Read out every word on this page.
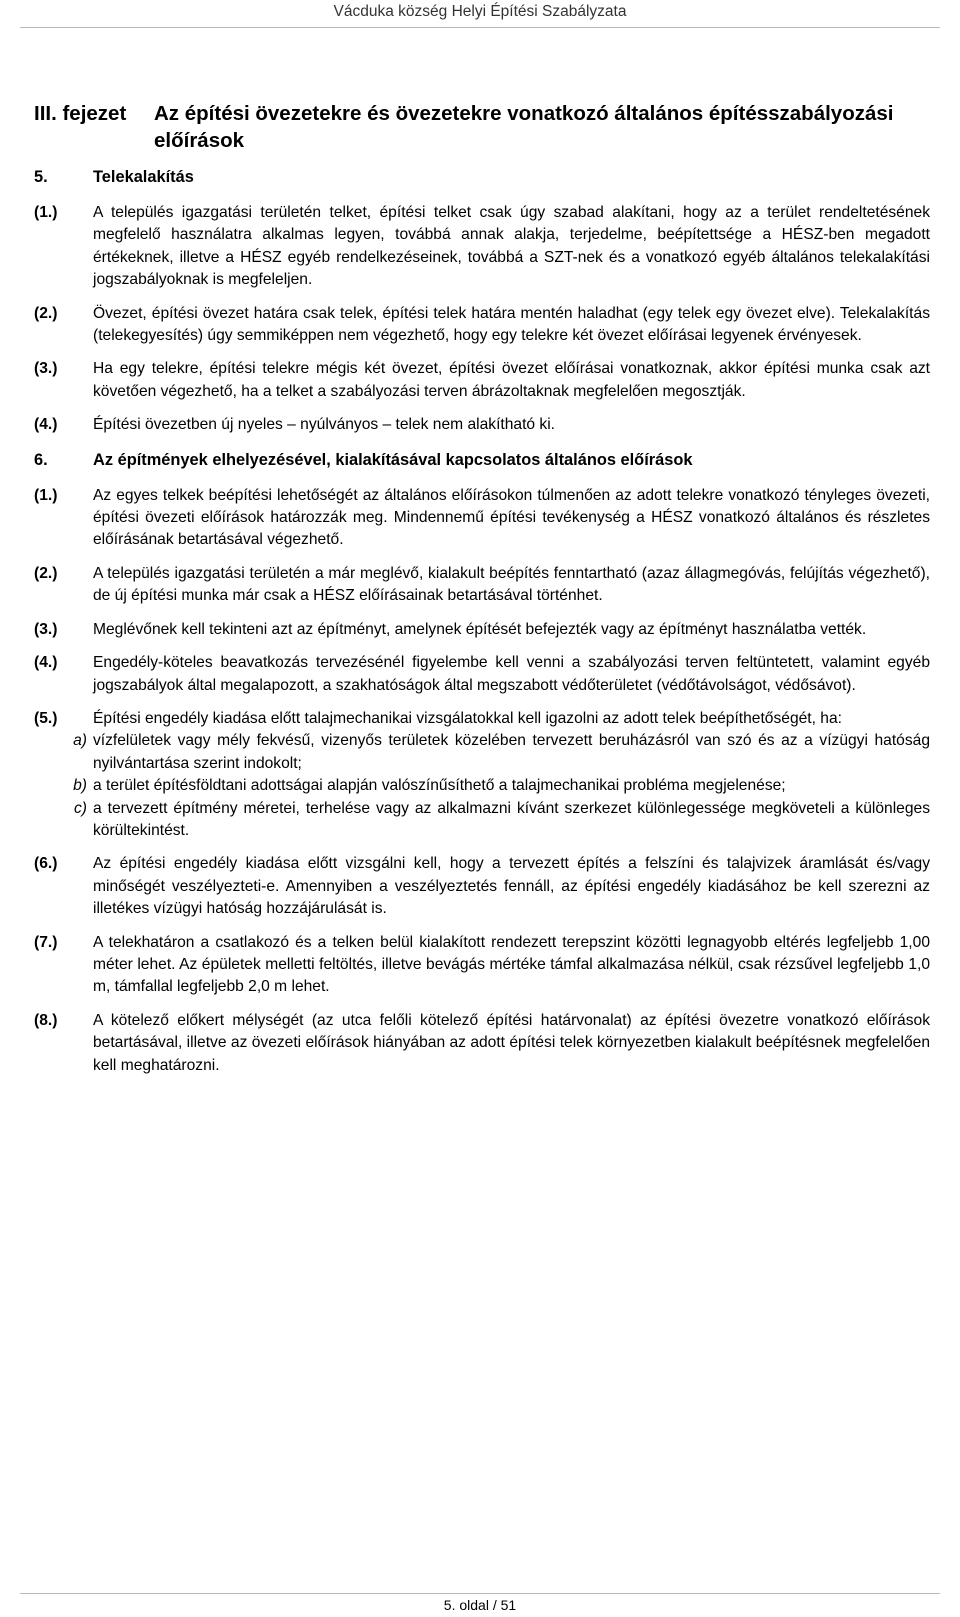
Vácduka község Helyi Építési Szabályzata
III. fejezet	Az építési övezetekre és övezetekre vonatkozó általános építésszabályozási előírások
5.	Telekalakítás
(1.)	A település igazgatási területén telket, építési telket csak úgy szabad alakítani, hogy az a terület rendeltetésének megfelelő használatra alkalmas legyen, továbbá annak alakja, terjedelme, beépítettsége a HÉSZ-ben megadott értékeknek, illetve a HÉSZ egyéb rendelkezéseinek, továbbá a SZT-nek és a vonatkozó egyéb általános telekalakítási jogszabályoknak is megfeleljen.
(2.)	Övezet, építési övezet határa csak telek, építési telek határa mentén haladhat (egy telek egy övezet elve). Telekalakítás (telekegyesítés) úgy semmiképpen nem végezhető, hogy egy telekre két övezet előírásai legyenek érvényesek.
(3.)	Ha egy telekre, építési telekre mégis két övezet, építési övezet előírásai vonatkoznak, akkor építési munka csak azt követően végezhető, ha a telket a szabályozási terven ábrázoltaknak megfelelően megosztják.
(4.)	Építési övezetben új nyeles – nyúlványos – telek nem alakítható ki.
6.	Az építmények elhelyezésével, kialakításával kapcsolatos általános előírások
(1.)	Az egyes telkek beépítési lehetőségét az általános előírásokon túlmenően az adott telekre vonatkozó tényleges övezeti, építési övezeti előírások határozzák meg. Mindennemű építési tevékenység a HÉSZ vonatkozó általános és részletes előírásának betartásával végezhető.
(2.)	A település igazgatási területén a már meglévő, kialakult beépítés fenntartható (azaz állagmegóvás, felújítás végezhető), de új építési munka már csak a HÉSZ előírásainak betartásával történhet.
(3.)	Meglévőnek kell tekinteni azt az építményt, amelynek építését befejezték vagy az építményt használatba vették.
(4.)	Engedély-köteles beavatkozás tervezésénél figyelembe kell venni a szabályozási terven feltüntetett, valamint egyéb jogszabályok által megalapozott, a szakhatóságok által megszabott védőterületet (védőtávolságot, védősávot).
(5.)	Építési engedély kiadása előtt talajmechanikai vizsgálatokkal kell igazolni az adott telek beépíthetőségét, ha:
a) vízfelületek vagy mély fekvésű, vizenyős területek közelében tervezett beruházásról van szó és az a vízügyi hatóság nyilvántartása szerint indokolt;
b) a terület építésföldtani adottságai alapján valószínűsíthető a talajmechanikai probléma megjelenése;
c) a tervezett építmény méretei, terhelése vagy az alkalmazni kívánt szerkezet különlegessége megköveteli a különleges körültekintést.
(6.)	Az építési engedély kiadása előtt vizsgálni kell, hogy a tervezett építés a felszíni és talajvizek áramlását és/vagy minőségét veszélyezteti-e. Amennyiben a veszélyeztetés fennáll, az építési engedély kiadásához be kell szerezni az illetékes vízügyi hatóság hozzájárulását is.
(7.)	A telekhatáron a csatlakozó és a telken belül kialakított rendezett terepszint közötti legnagyobb eltérés legfeljebb 1,00 méter lehet. Az épületek melletti feltöltés, illetve bevágás mértéke támfal alkalmazása nélkül, csak rézsűvel legfeljebb 1,0 m, támfallal legfeljebb 2,0 m lehet.
(8.)	A kötelező előkert mélységét (az utca felőli kötelező építési határvonalat) az építési övezetre vonatkozó előírások betartásával, illetve az övezeti előírások hiányában az adott építési telek környezetben kialakult beépítésnek megfelelően kell meghatározni.
5. oldal / 51
